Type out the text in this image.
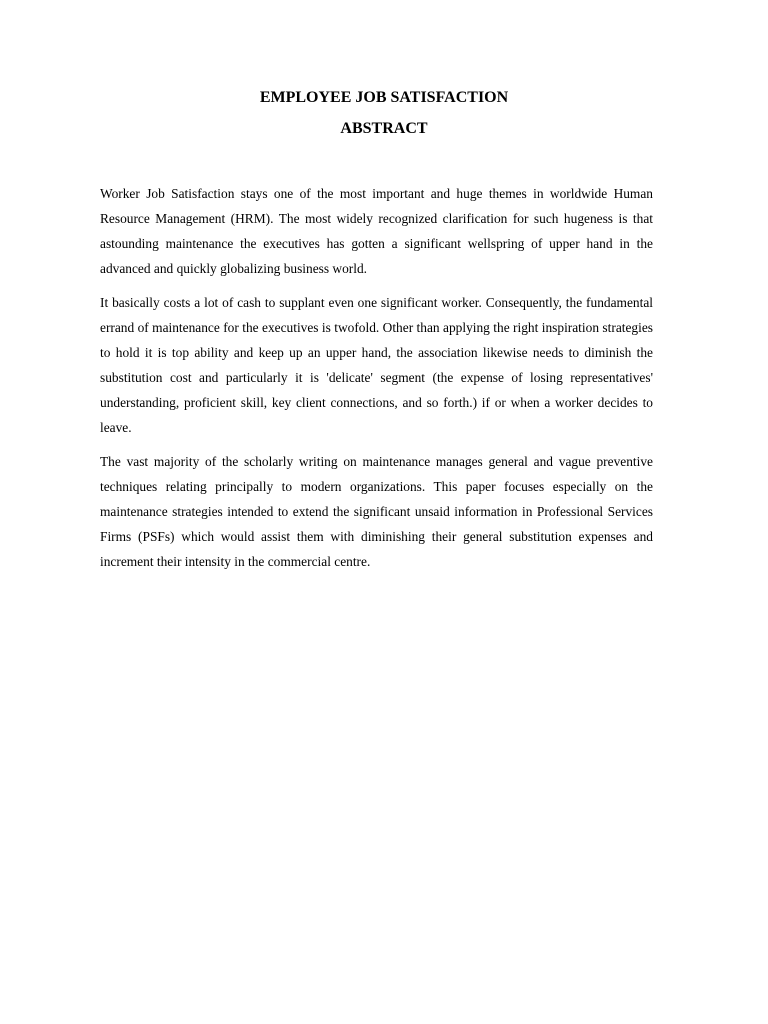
EMPLOYEE JOB SATISFACTION
ABSTRACT

Worker Job Satisfaction stays one of the most important and huge themes in worldwide Human Resource Management (HRM). The most widely recognized clarification for such hugeness is that astounding maintenance the executives has gotten a significant wellspring of upper hand in the advanced and quickly globalizing business world.

It basically costs a lot of cash to supplant even one significant worker. Consequently, the fundamental errand of maintenance for the executives is twofold. Other than applying the right inspiration strategies to hold it is top ability and keep up an upper hand, the association likewise needs to diminish the substitution cost and particularly it is 'delicate' segment (the expense of losing representatives' understanding, proficient skill, key client connections, and so forth.) if or when a worker decides to leave.

The vast majority of the scholarly writing on maintenance manages general and vague preventive techniques relating principally to modern organizations. This paper focuses especially on the maintenance strategies intended to extend the significant unsaid information in Professional Services Firms (PSFs) which would assist them with diminishing their general substitution expenses and increment their intensity in the commercial centre.
